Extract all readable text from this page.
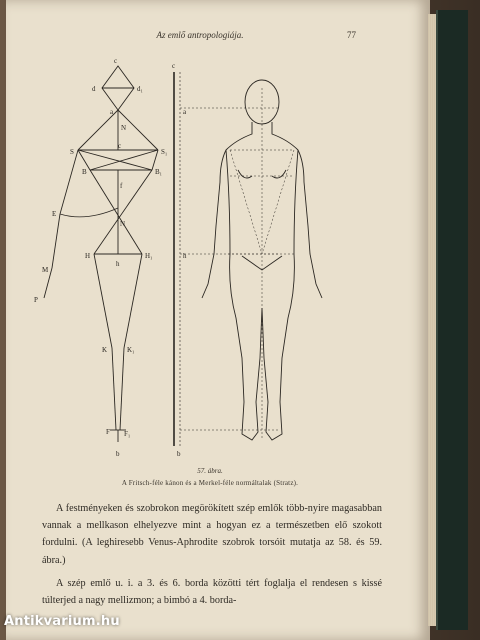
Az emlő antropologiája.	77
c
c
d	d₁
a	a
N
S	S₁
c
B	B₁
f
E
N
H	H₁
h
h
M
P
K	K₁
F F₁
b	b
57. ábra.
A Fritsch-féle kánon és a Merkel-féle normáltalak (Stratz).

A festményeken és szobrokon megörökített szép emlők több-nyire magasabban vannak a mellkason elhelyezve mint a hogyan ez a természetben elő szokott fordulni. (A leghiresebb Venus-Aphrodite szobrok torsóit mutatja az 58. és 59. ábra.)

A szép emlő u. i. a 3. és 6. borda közötti tért foglalja el rendesen s kissé túlterjed a nagy mellizmon; a bimbó a 4. borda-

Antikvarium.hu
